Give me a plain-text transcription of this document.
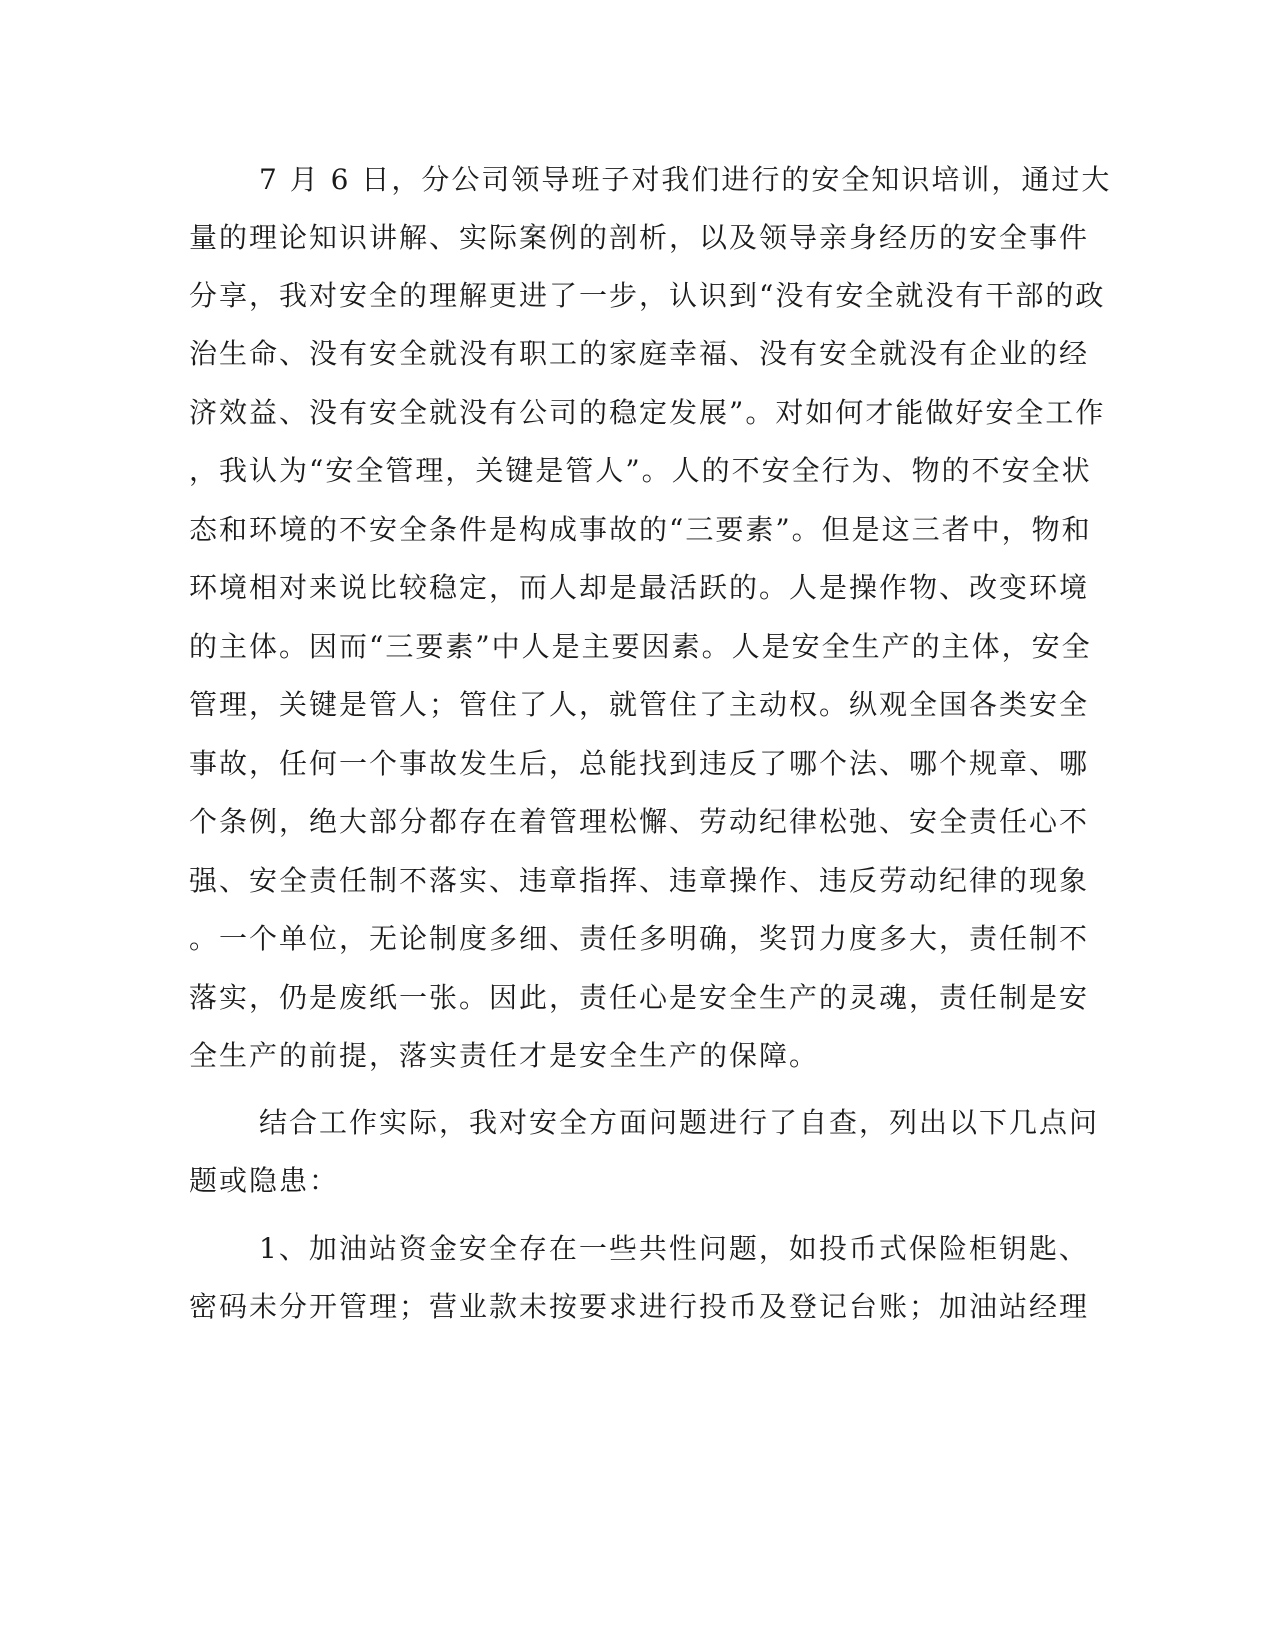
7 月 6 日，分公司领导班子对我们进行的安全知识培训，通过大
量的理论知识讲解、实际案例的剖析，以及领导亲身经历的安全事件
分享，我对安全的理解更进了一步，认识到“没有安全就没有干部的政
治生命、没有安全就没有职工的家庭幸福、没有安全就没有企业的经
济效益、没有安全就没有公司的稳定发展”。对如何才能做好安全工作
，我认为“安全管理，关键是管人”。人的不安全行为、物的不安全状
态和环境的不安全条件是构成事故的“三要素”。但是这三者中，物和
环境相对来说比较稳定，而人却是最活跃的。人是操作物、改变环境
的主体。因而“三要素”中人是主要因素。人是安全生产的主体，安全
管理，关键是管人；管住了人，就管住了主动权。纵观全国各类安全
事故，任何一个事故发生后，总能找到违反了哪个法、哪个规章、哪
个条例，绝大部分都存在着管理松懈、劳动纪律松弛、安全责任心不
强、安全责任制不落实、违章指挥、违章操作、违反劳动纪律的现象
。一个单位，无论制度多细、责任多明确，奖罚力度多大，责任制不
落实，仍是废纸一张。因此，责任心是安全生产的灵魂，责任制是安
全生产的前提，落实责任才是安全生产的保障。
结合工作实际，我对安全方面问题进行了自查，列出以下几点问
题或隐患：
1、加油站资金安全存在一些共性问题，如投币式保险柜钥匙、
密码未分开管理；营业款未按要求进行投币及登记台账；加油站经理
